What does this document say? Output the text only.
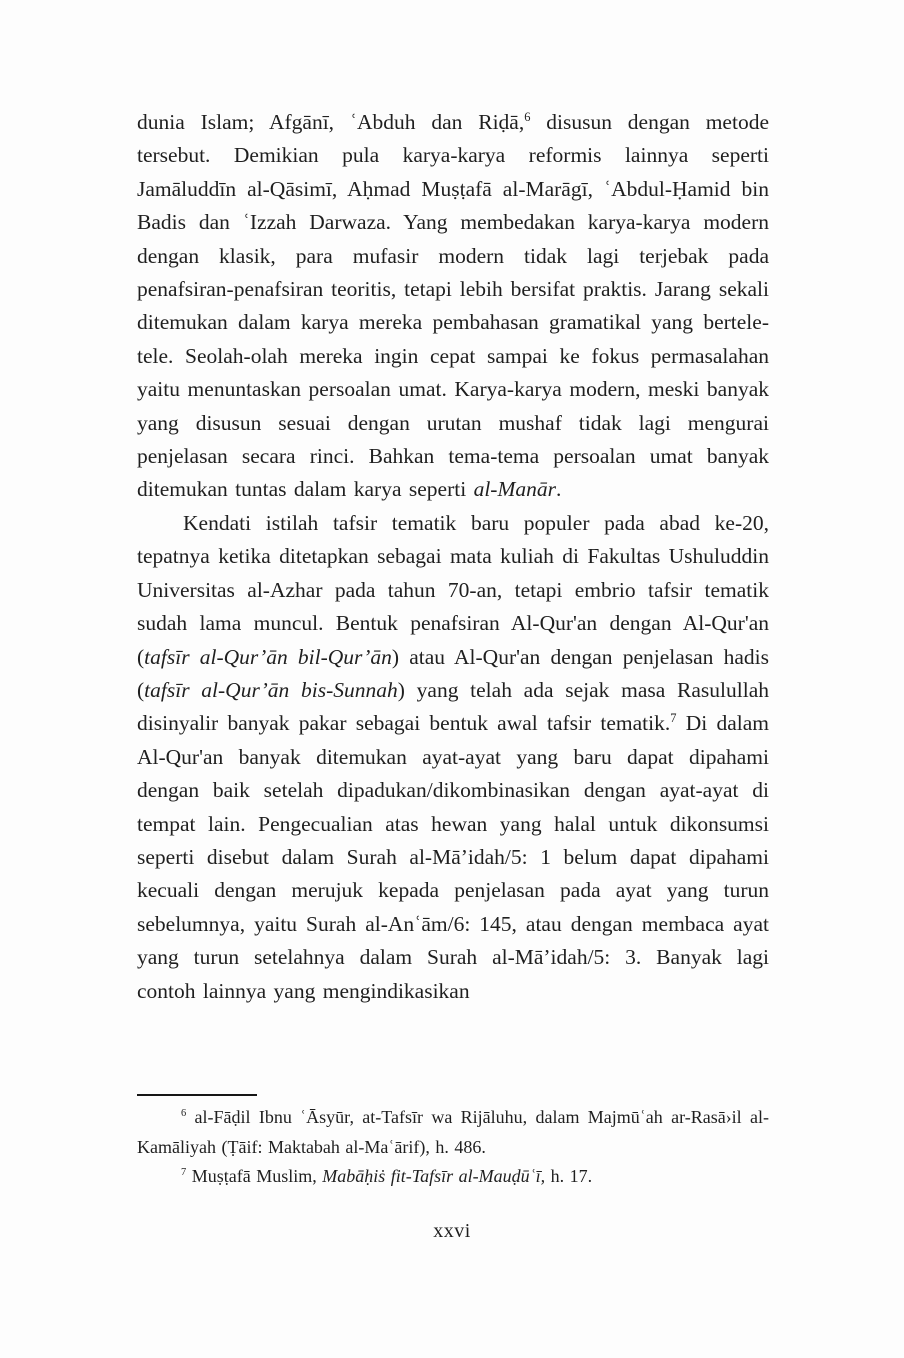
dunia Islam; Afgānī, ʿAbduh dan Riḍā,$^6$ disusun dengan metode tersebut. Demikian pula karya-karya reformis lainnya seperti Jamāluddīn al-Qāsimī, Aḥmad Muṣṭafā al-Marāgī, ʿAbdul-Ḥamid bin Badis dan ʿIzzah Darwaza. Yang membedakan karya-karya modern dengan klasik, para mufasir modern tidak lagi terjebak pada penafsiran-penafsiran teoritis, tetapi lebih bersifat praktis. Jarang sekali ditemukan dalam karya mereka pembahasan gramatikal yang bertele-tele. Seolah-olah mereka ingin cepat sampai ke fokus permasalahan yaitu menuntaskan persoalan umat. Karya-karya modern, meski banyak yang disusun sesuai dengan urutan mushaf tidak lagi mengurai penjelasan secara rinci. Bahkan tema-tema persoalan umat banyak ditemukan tuntas dalam karya seperti al-Manār.

Kendati istilah tafsir tematik baru populer pada abad ke-20, tepatnya ketika ditetapkan sebagai mata kuliah di Fakultas Ushuluddin Universitas al-Azhar pada tahun 70-an, tetapi embrio tafsir tematik sudah lama muncul. Bentuk penafsiran Al-Qur'an dengan Al-Qur'an (tafsīr al-Qur’ān bil-Qur’ān) atau Al-Qur'an dengan penjelasan hadis (tafsīr al-Qur’ān bis-Sunnah) yang telah ada sejak masa Rasulullah disinyalir banyak pakar sebagai bentuk awal tafsir tematik.$^7$ Di dalam Al-Qur'an banyak ditemukan ayat-ayat yang baru dapat dipahami dengan baik setelah dipadukan/dikombinasikan dengan ayat-ayat di tempat lain. Pengecualian atas hewan yang halal untuk dikonsumsi seperti disebut dalam Surah al-Mā’idah/5: 1 belum dapat dipahami kecuali dengan merujuk kepada penjelasan pada ayat yang turun sebelumnya, yaitu Surah al-Anʿām/6: 145, atau dengan membaca ayat yang turun setelahnya dalam Surah al-Mā’idah/5: 3. Banyak lagi contoh lainnya yang mengindikasikan

$^6$ al-Fāḍil Ibnu ʿĀsyūr, at-Tafsīr wa Rijāluhu, dalam Majmūʿah ar-Rasā›il al-Kamāliyah (Ṭāif: Maktabah al-Maʿārif), h. 486.

$^7$ Muṣṭafā Muslim, Mabāḥiṡ fit-Tafsīr al-Mauḍūʿī, h. 17.

xxvi
